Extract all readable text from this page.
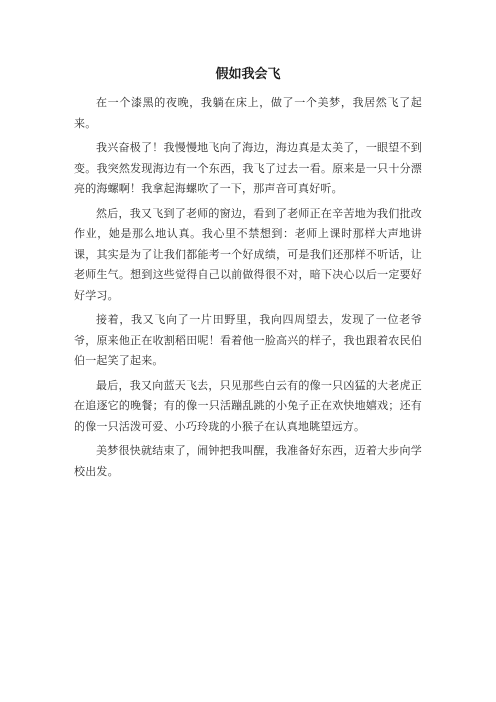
假如我会飞

在一个漆黑的夜晚，我躺在床上，做了一个美梦，我居然飞了起来。

我兴奋极了！我慢慢地飞向了海边，海边真是太美了，一眼望不到变。我突然发现海边有一个东西，我飞了过去一看。原来是一只十分漂亮的海螺啊！我拿起海螺吹了一下，那声音可真好听。

然后，我又飞到了老师的窗边，看到了老师正在辛苦地为我们批改作业，她是那么地认真。我心里不禁想到：老师上课时那样大声地讲课，其实是为了让我们都能考一个好成绩，可是我们还那样不听话，让老师生气。想到这些觉得自己以前做得很不对，暗下决心以后一定要好好学习。

接着，我又飞向了一片田野里，我向四周望去，发现了一位老爷爷，原来他正在收割稻田呢！看着他一脸高兴的样子，我也跟着农民伯伯一起笑了起来。

最后，我又向蓝天飞去，只见那些白云有的像一只凶猛的大老虎正在追逐它的晚餐；有的像一只活蹦乱跳的小兔子正在欢快地嬉戏；还有的像一只活泼可爱、小巧玲珑的小猴子在认真地眺望远方。

美梦很快就结束了，闹钟把我叫醒，我准备好东西，迈着大步向学校出发。
